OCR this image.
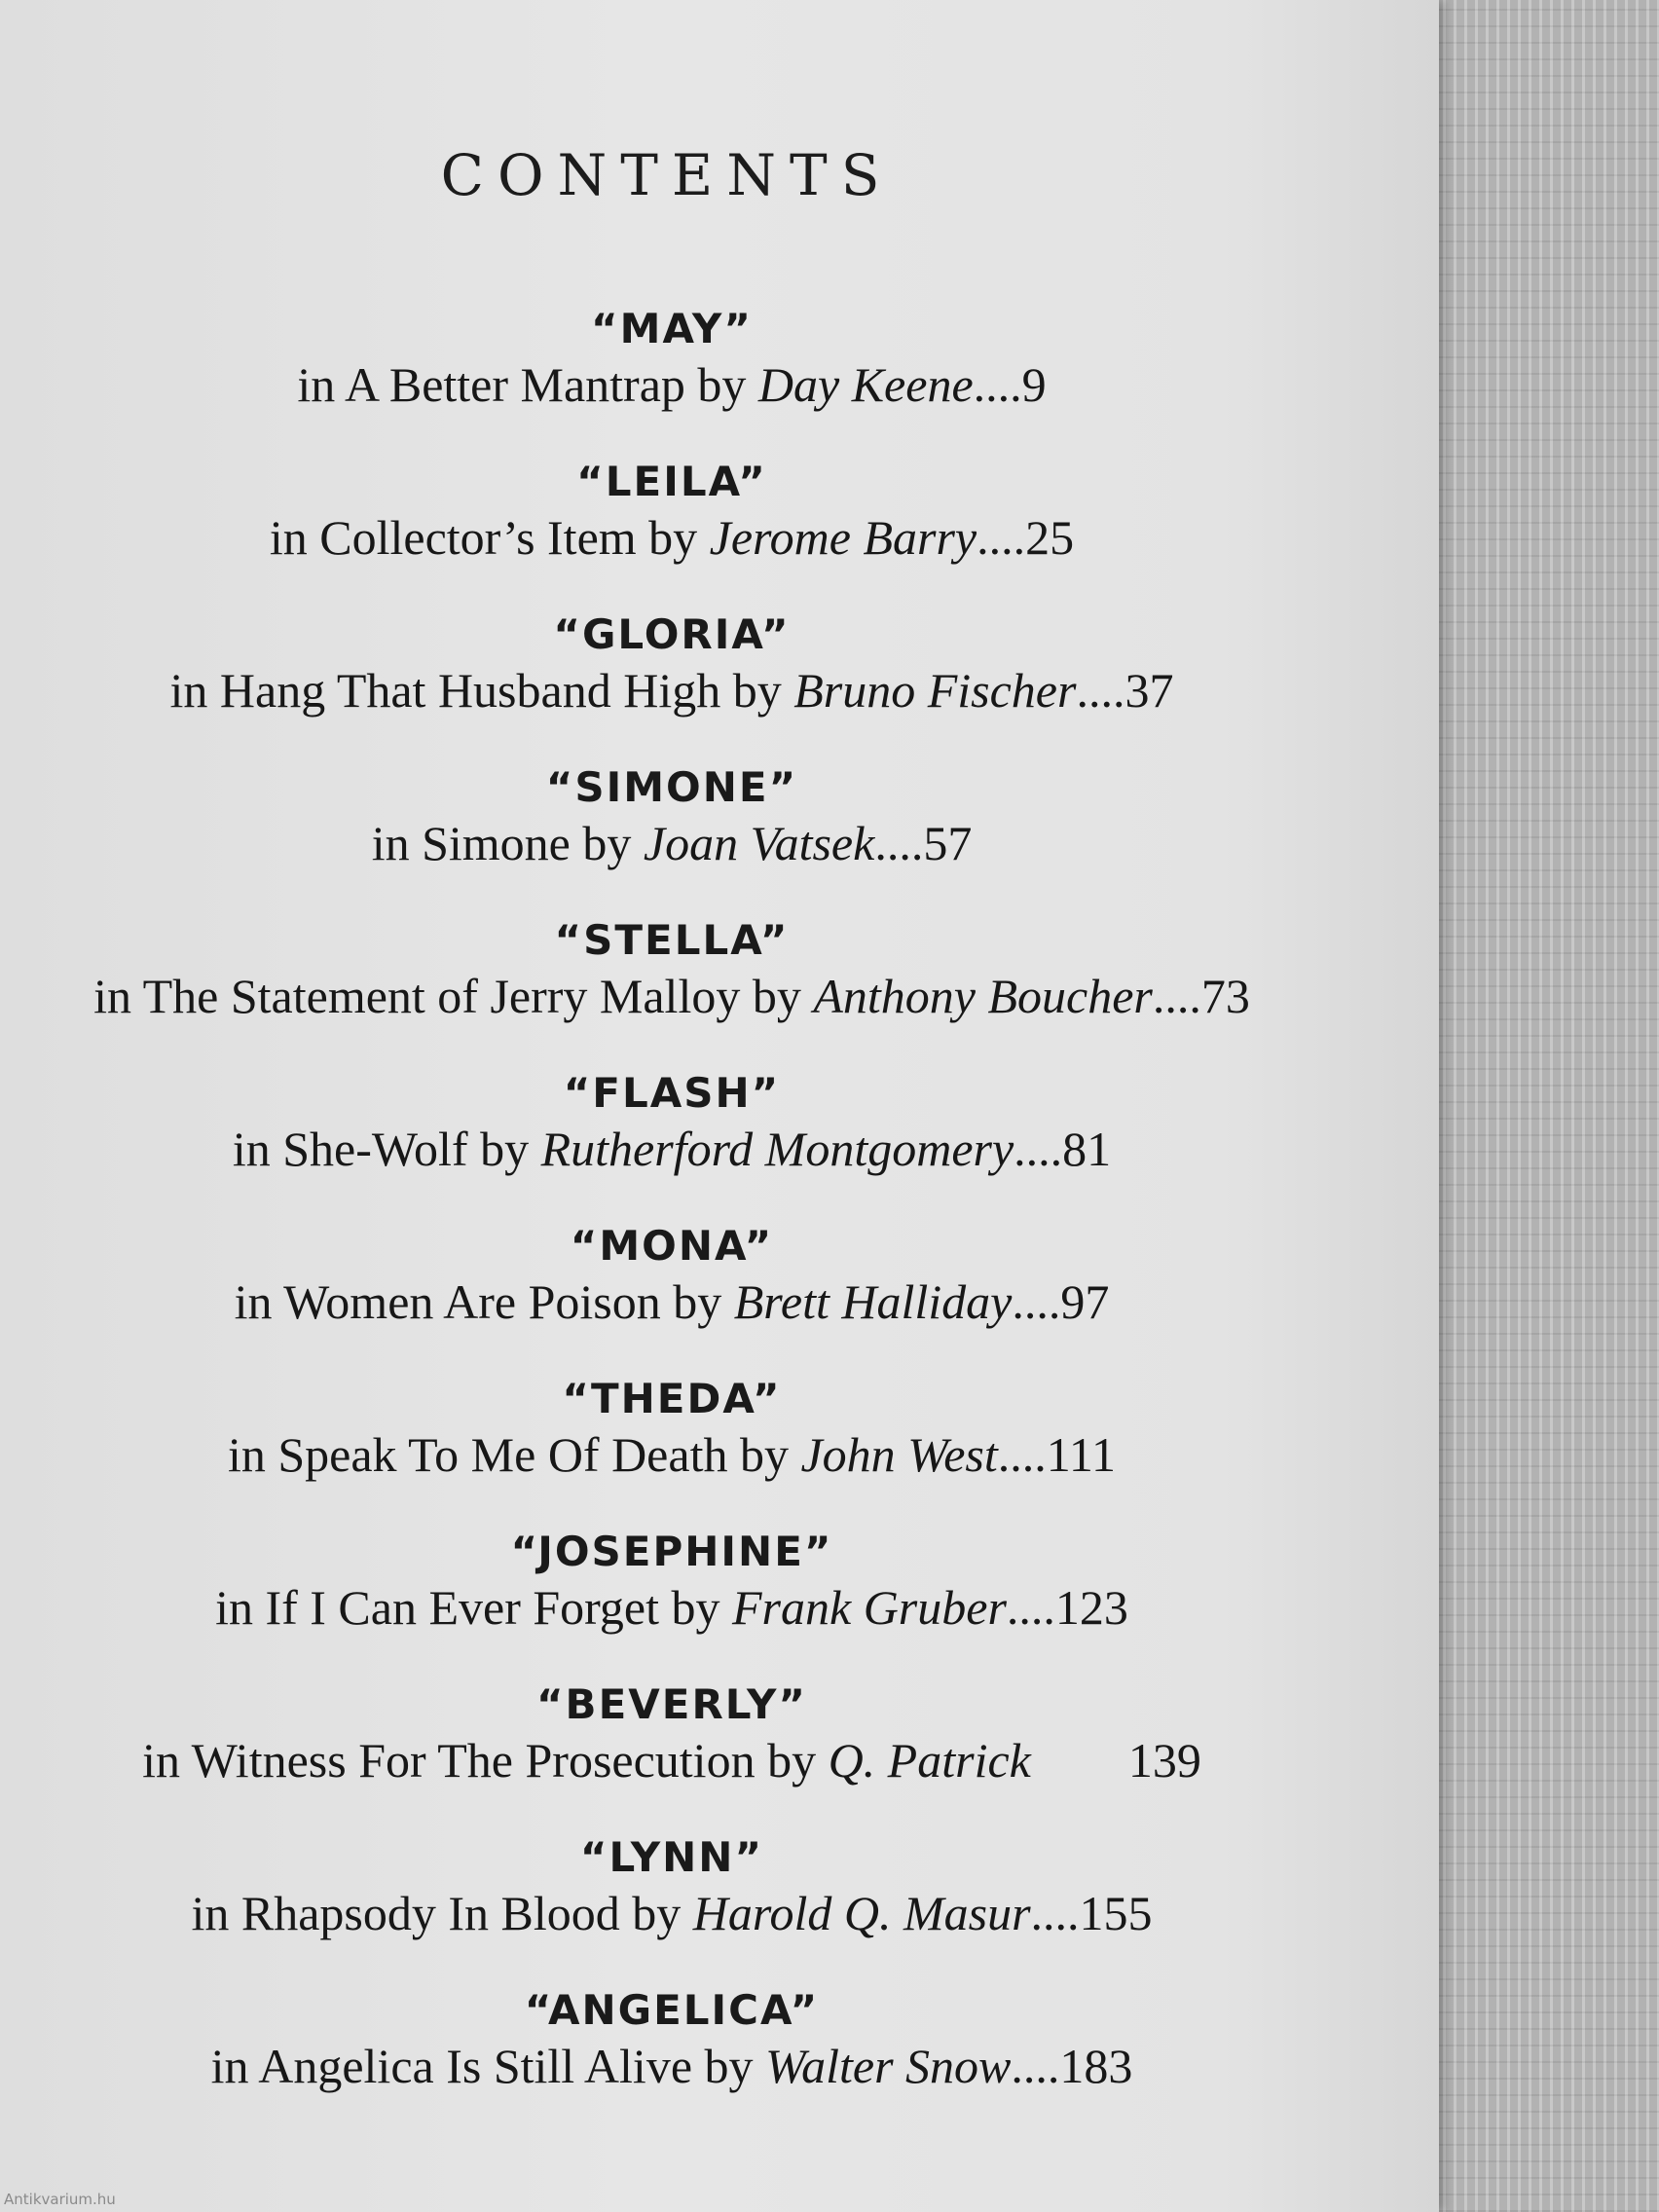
CONTENTS
“MAY”
in A Better Mantrap by Day Keene....9
“LEILA”
in Collector’s Item by Jerome Barry....25
“GLORIA”
in Hang That Husband High by Bruno Fischer....37
“SIMONE”
in Simone by Joan Vatsek....57
“STELLA”
in The Statement of Jerry Malloy by Anthony Boucher....73
“FLASH”
in She-Wolf by Rutherford Montgomery....81
“MONA”
in Women Are Poison by Brett Halliday....97
“THEDA”
in Speak To Me Of Death by John West....111
“JOSEPHINE”
in If I Can Ever Forget by Frank Gruber....123
“BEVERLY”
in Witness For The Prosecution by Q. Patrick 139
“LYNN”
in Rhapsody In Blood by Harold Q. Masur....155
“ANGELICA”
in Angelica Is Still Alive by Walter Snow....183
Antikvarium.hu
